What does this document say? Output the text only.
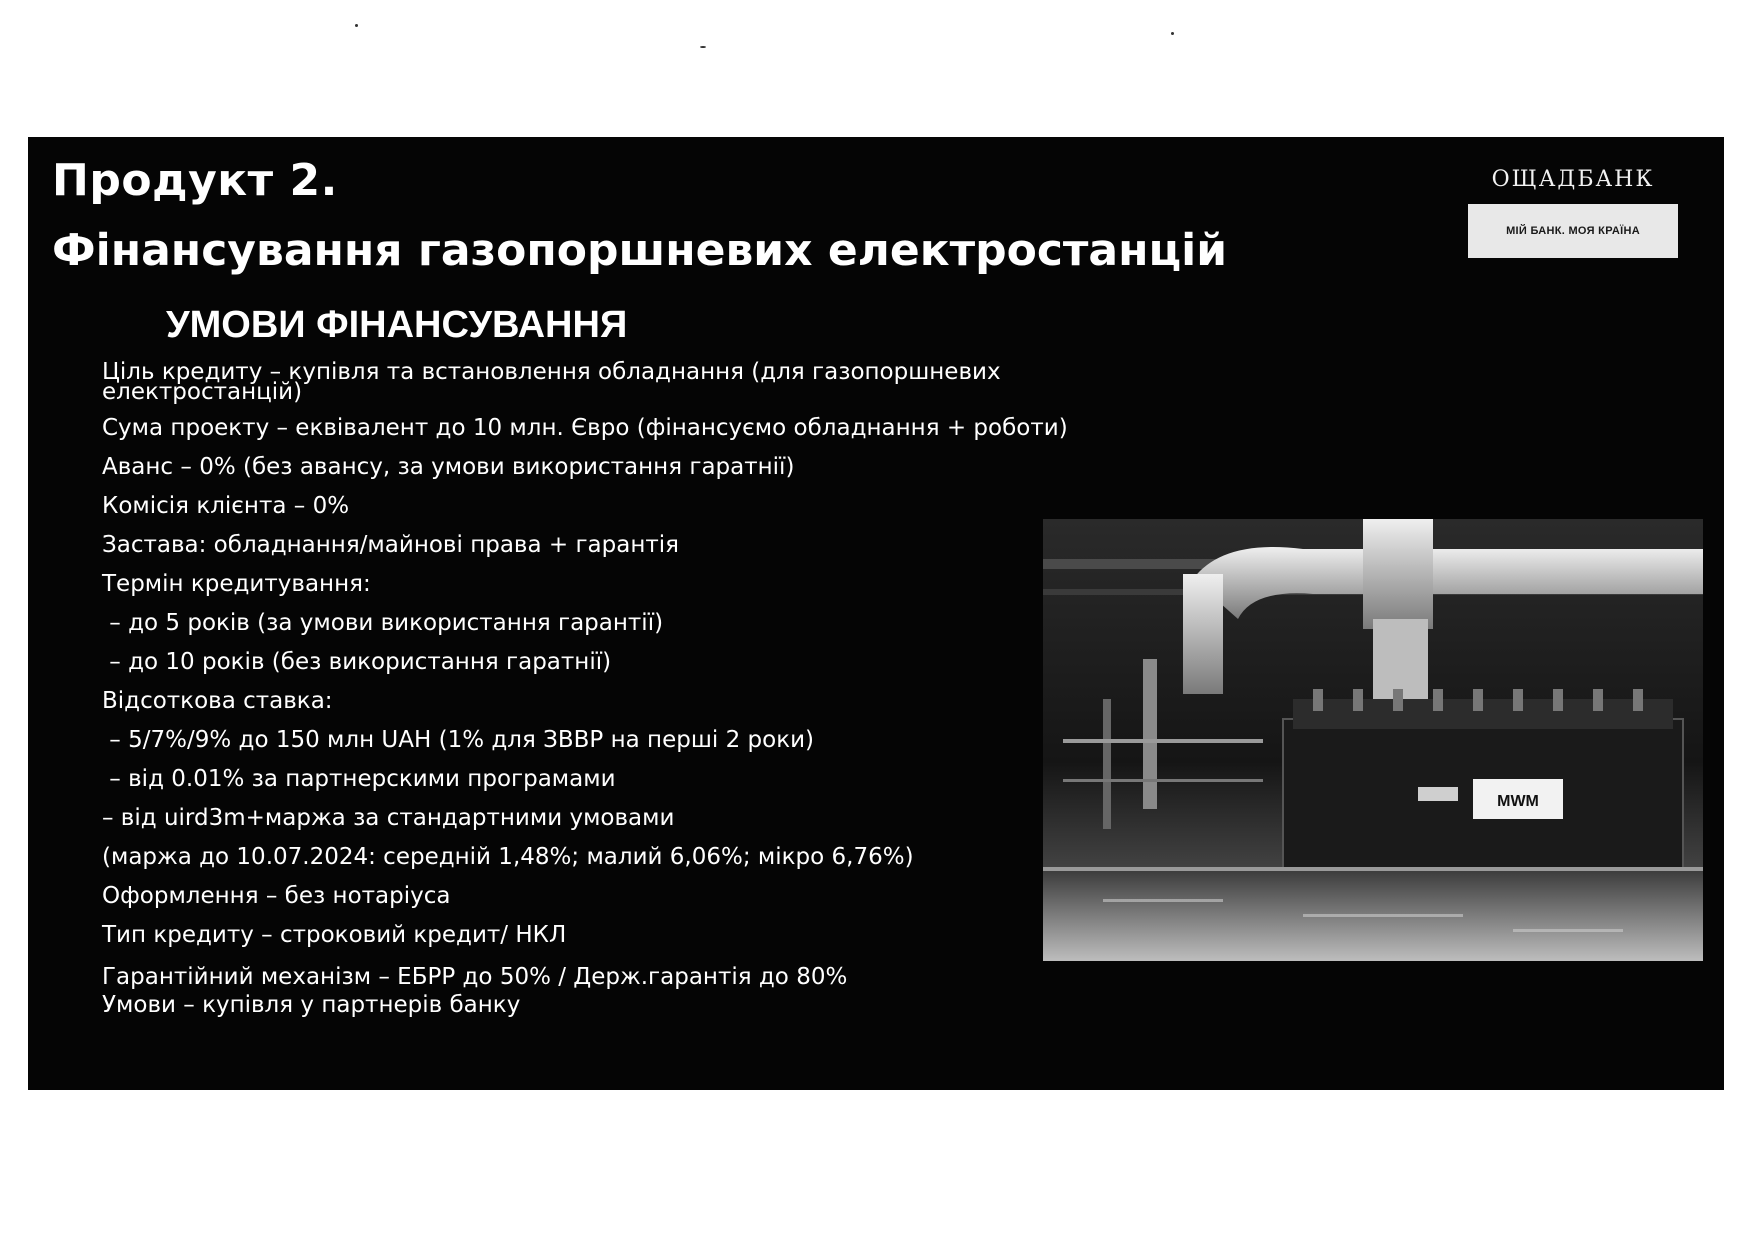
Продукт 2.
Фінансування газопоршневих електростанцій
ОЩАДБАНК
МІЙ БАНК. МОЯ КРАЇНА
УМОВИ ФІНАНСУВАННЯ
Ціль кредиту – купівля та встановлення обладнання (для газопоршневих
електростанцій)
Сума проекту – еквівалент до 10 млн. Євро (фінансуємо обладнання + роботи)
Аванс – 0% (без авансу, за умови використання гаратнії)
Комісія клієнта – 0%
Застава: обладнання/майнові права + гарантія
Термін кредитування:
– до 5 років (за умови використання гарантії)
– до 10 років (без використання гаратнії)
Відсоткова ставка:
– 5/7%/9% до 150 млн UAH (1% для ЗВВР на перші 2 роки)
– від 0.01% за партнерскими програмами
– від uird3m+маржа за стандартними умовами
(маржа до 10.07.2024: середній 1,48%; малий 6,06%; мікро 6,76%)
Оформлення – без нотаріуса
Тип кредиту – строковий кредит/ НКЛ
Гарантійний механізм – ЕБРР до 50% / Держ.гарантія до 80%
Умови – купівля у партнерів банку
MWM
